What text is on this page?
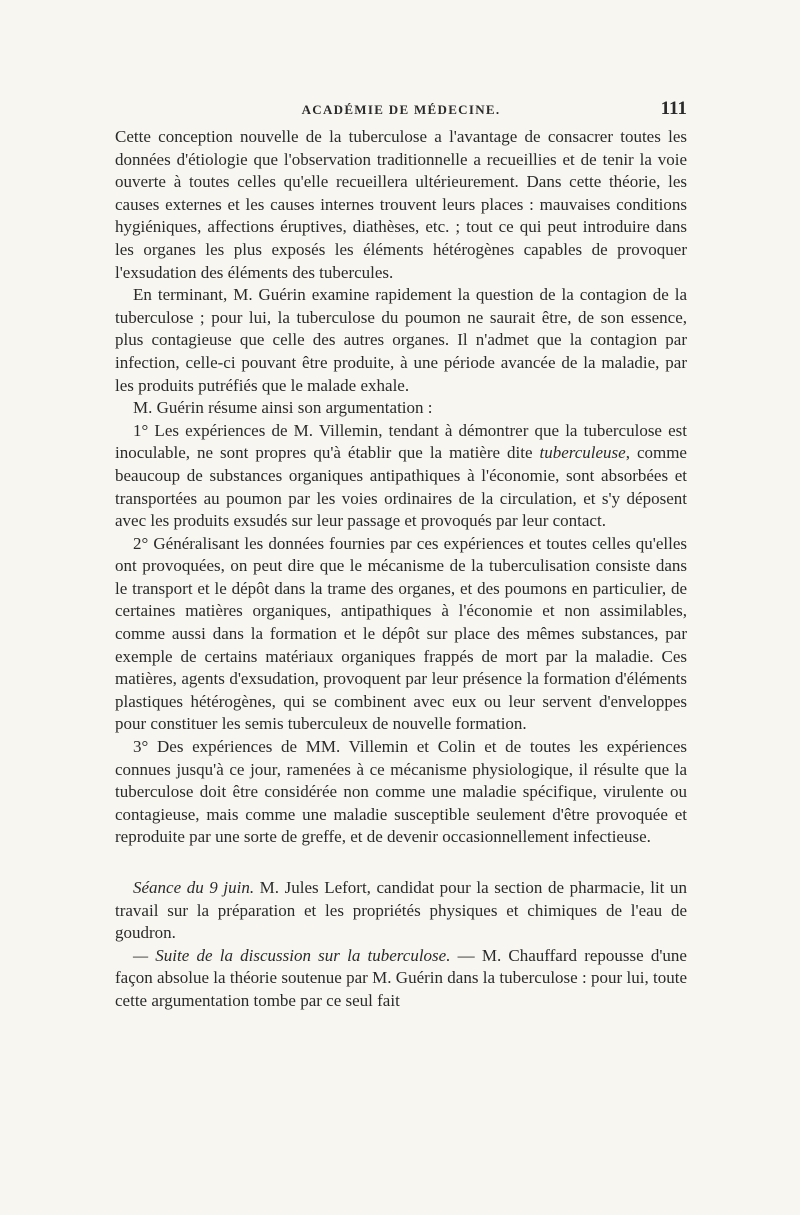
ACADÉMIE DE MÉDECINE.	111

Cette conception nouvelle de la tuberculose a l'avantage de consacrer toutes les données d'étiologie que l'observation traditionnelle a recueillies et de tenir la voie ouverte à toutes celles qu'elle recueillera ultérieurement. Dans cette théorie, les causes externes et les causes internes trouvent leurs places : mauvaises conditions hygiéniques, affections éruptives, diathèses, etc. ; tout ce qui peut introduire dans les organes les plus exposés les éléments hétérogènes capables de provoquer l'exsudation des éléments des tubercules.

En terminant, M. Guérin examine rapidement la question de la contagion de la tuberculose ; pour lui, la tuberculose du poumon ne saurait être, de son essence, plus contagieuse que celle des autres organes. Il n'admet que la contagion par infection, celle-ci pouvant être produite, à une période avancée de la maladie, par les produits putréfiés que le malade exhale.

M. Guérin résume ainsi son argumentation :

1° Les expériences de M. Villemin, tendant à démontrer que la tuberculose est inoculable, ne sont propres qu'à établir que la matière dite tuberculeuse, comme beaucoup de substances organiques antipathiques à l'économie, sont absorbées et transportées au poumon par les voies ordinaires de la circulation, et s'y déposent avec les produits exsudés sur leur passage et provoqués par leur contact.

2° Généralisant les données fournies par ces expériences et toutes celles qu'elles ont provoquées, on peut dire que le mécanisme de la tuberculisation consiste dans le transport et le dépôt dans la trame des organes, et des poumons en particulier, de certaines matières organiques, antipathiques à l'économie et non assimilables, comme aussi dans la formation et le dépôt sur place des mêmes substances, par exemple de certains matériaux organiques frappés de mort par la maladie. Ces matières, agents d'exsudation, provoquent par leur présence la formation d'éléments plastiques hétérogènes, qui se combinent avec eux ou leur servent d'enveloppes pour constituer les semis tuberculeux de nouvelle formation.

3° Des expériences de MM. Villemin et Colin et de toutes les expériences connues jusqu'à ce jour, ramenées à ce mécanisme physiologique, il résulte que la tuberculose doit être considérée non comme une maladie spécifique, virulente ou contagieuse, mais comme une maladie susceptible seulement d'être provoquée et reproduite par une sorte de greffe, et de devenir occasionnellement infectieuse.

Séance du 9 juin. M. Jules Lefort, candidat pour la section de pharmacie, lit un travail sur la préparation et les propriétés physiques et chimiques de l'eau de goudron.

— Suite de la discussion sur la tuberculose. — M. Chauffard repousse d'une façon absolue la théorie soutenue par M. Guérin dans la tuberculose : pour lui, toute cette argumentation tombe par ce seul fait
